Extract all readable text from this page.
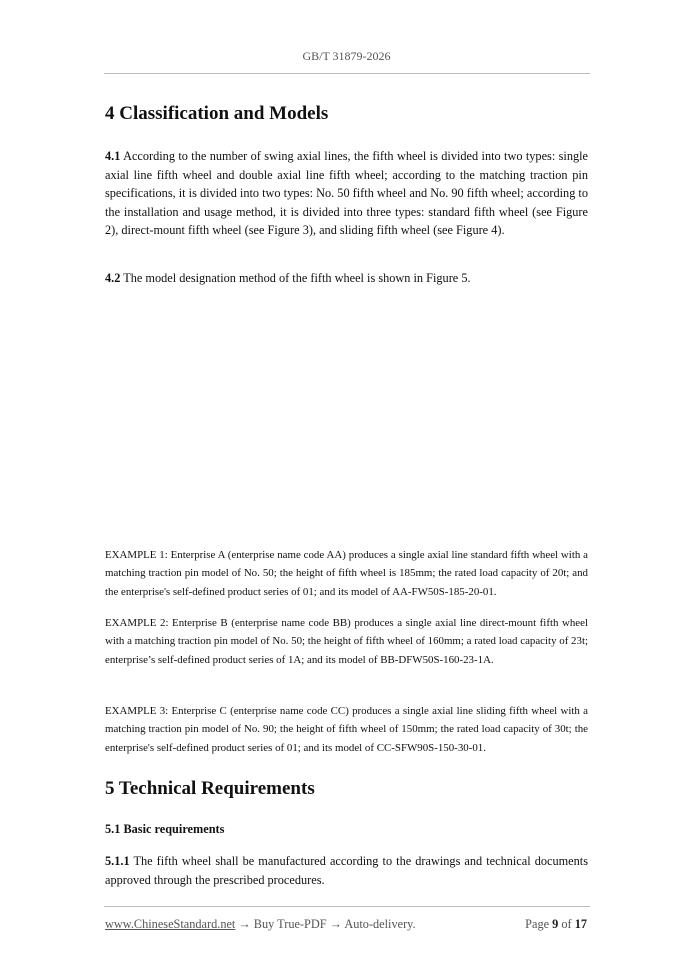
GB/T 31879-2026
4 Classification and Models
4.1 According to the number of swing axial lines, the fifth wheel is divided into two types: single axial line fifth wheel and double axial line fifth wheel; according to the matching traction pin specifications, it is divided into two types: No. 50 fifth wheel and No. 90 fifth wheel; according to the installation and usage method, it is divided into three types: standard fifth wheel (see Figure 2), direct-mount fifth wheel (see Figure 3), and sliding fifth wheel (see Figure 4).
4.2 The model designation method of the fifth wheel is shown in Figure 5.
EXAMPLE 1: Enterprise A (enterprise name code AA) produces a single axial line standard fifth wheel with a matching traction pin model of No. 50; the height of fifth wheel is 185mm; the rated load capacity of 20t; and the enterprise's self-defined product series of 01; and its model of AA-FW50S-185-20-01.
EXAMPLE 2: Enterprise B (enterprise name code BB) produces a single axial line direct-mount fifth wheel with a matching traction pin model of No. 50; the height of fifth wheel of 160mm; a rated load capacity of 23t; enterprise’s self-defined product series of 1A; and its model of BB-DFW50S-160-23-1A.
EXAMPLE 3: Enterprise C (enterprise name code CC) produces a single axial line sliding fifth wheel with a matching traction pin model of No. 90; the height of fifth wheel of 150mm; the rated load capacity of 30t; the enterprise's self-defined product series of 01; and its model of CC-SFW90S-150-30-01.
5 Technical Requirements
5.1 Basic requirements
5.1.1 The fifth wheel shall be manufactured according to the drawings and technical documents approved through the prescribed procedures.
www.ChineseStandard.net → Buy True-PDF → Auto-delivery.	Page 9 of 17
